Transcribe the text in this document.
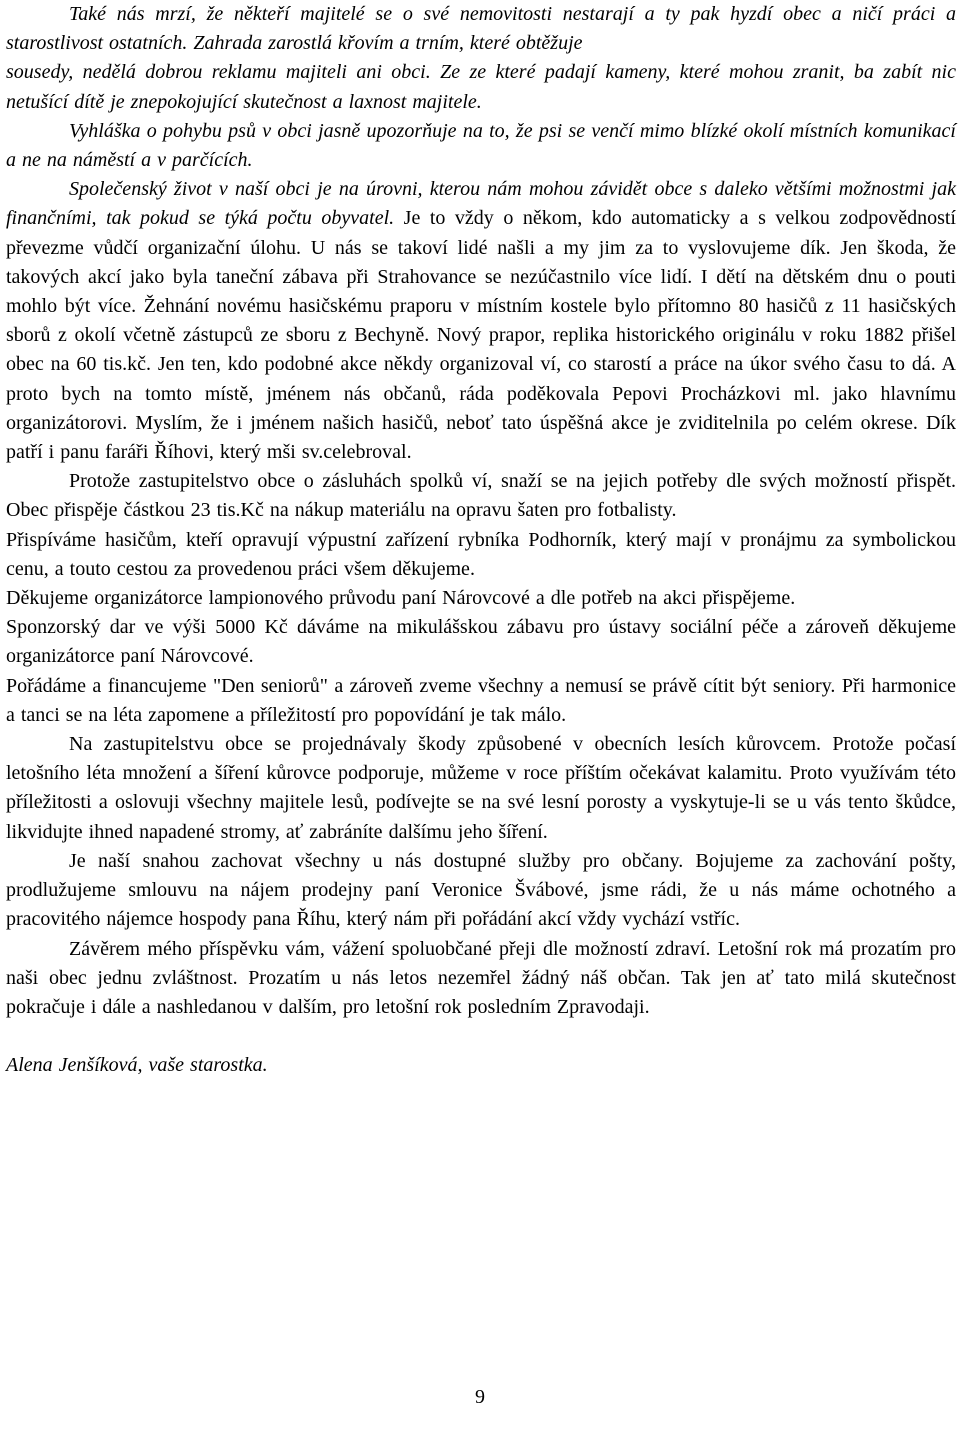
Také nás mrzí, že někteří majitelé se o své nemovitosti nestarají a ty pak hyzdí obec a ničí práci a starostlivost ostatních. Zahrada zarostlá křovím a trním, které obtěžuje

sousedy, nedělá dobrou reklamu majiteli ani obci. Ze ze které padají kameny, které mohou zranit, ba zabít nic netušící dítě je znepokojující skutečnost a laxnost majitele.

Vyhláška o pohybu psů v obci jasně upozorňuje na to, že psi se venčí mimo blízké okolí místních komunikací a ne na náměstí a v parčících.

Společenský život v naší obci je na úrovni, kterou nám mohou závidět obce s daleko většími možnostmi jak finančními, tak pokud se týká počtu obyvatel. Je to vždy o někom, kdo automaticky a s velkou zodpovědností převezme vůdčí organizační úlohu. U nás se takoví lidé našli a my jim za to vyslovujeme dík. Jen škoda, že takových akcí jako byla taneční zábava při Strahovance se nezúčastnilo více lidí. I dětí na dětském dnu o pouti mohlo být více. Žehnání novému hasičskému praporu v místním kostele bylo přítomno 80 hasičů z 11 hasičských sborů z okolí včetně zástupců ze sboru z Bechyně. Nový prapor, replika historického originálu v roku 1882 přišel obec na 60 tis.kč. Jen ten, kdo podobné akce někdy organizoval ví, co starostí a práce na úkor svého času to dá. A proto bych na tomto místě, jménem nás občanů, ráda poděkovala Pepovi Procházkovi ml. jako hlavnímu organizátorovi. Myslím, že i jménem našich hasičů, neboť tato úspěšná akce je zviditelnila po celém okrese. Dík patří i panu faráři Říhovi, který mši sv.celebroval.

Protože zastupitelstvo obce o zásluhách spolků ví, snaží se na jejich potřeby dle svých možností přispět. Obec přispěje částkou 23 tis.Kč na nákup materiálu na opravu šaten pro fotbalisty.

Přispíváme hasičům, kteří opravují výpustní zařízení rybníka Podhorník, který mají v pronájmu za symbolickou cenu, a touto cestou za provedenou práci všem děkujeme.

Děkujeme organizátorce lampionového průvodu paní Nárovcové a dle potřeb na akci přispějeme.

Sponzorský dar ve výši 5000 Kč dáváme na mikulášskou zábavu pro ústavy sociální péče a zároveň děkujeme organizátorce paní Nárovcové.

Pořádáme a financujeme "Den seniorů" a zároveň zveme všechny a nemusí se právě cítit být seniory. Při harmonice a tanci se na léta zapomene a příležitostí pro popovídání je tak málo.

Na zastupitelstvu obce se projednávaly škody způsobené v obecních lesích kůrovcem. Protože počasí letošního léta množení a šíření kůrovce podporuje, můžeme v roce příštím očekávat kalamitu. Proto využívám této příležitosti a oslovuji všechny majitele lesů, podívejte se na své lesní porosty a vyskytuje-li se u vás tento škůdce, likvidujte ihned napadené stromy, ať zabráníte dalšímu jeho šíření.

Je naší snahou zachovat všechny u nás dostupné služby pro občany. Bojujeme za zachování pošty, prodlužujeme smlouvu na nájem prodejny paní Veronice Švábové, jsme rádi, že u nás máme ochotného a pracovitého nájemce hospody pana Říhu, který nám při pořádání akcí vždy vychází vstříc.

Závěrem mého příspěvku vám, vážení spoluobčané přeji dle možností zdraví. Letošní rok má prozatím pro naši obec jednu zvláštnost. Prozatím u nás letos nezemřel žádný náš občan. Tak jen ať tato milá skutečnost pokračuje i dále a nashledanou v dalším, pro letošní rok posledním Zpravodaji.

Alena Jenšíková, vaše starostka.

9
